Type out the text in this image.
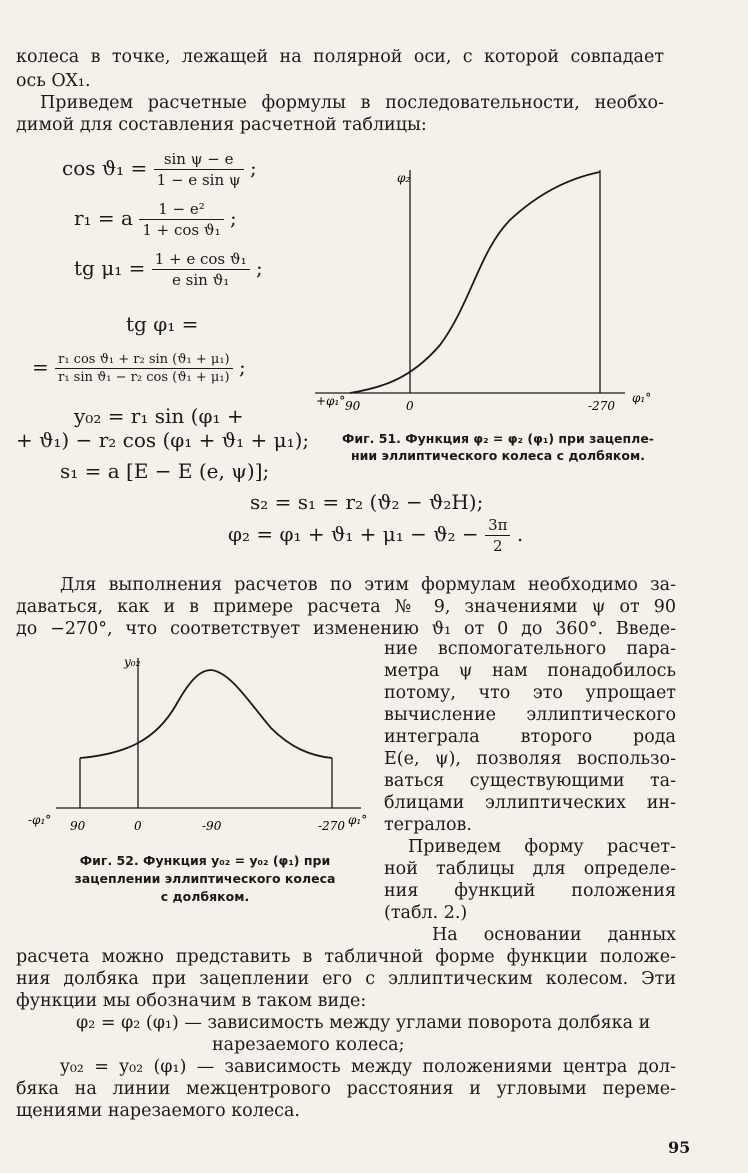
колеса в точке, лежащей на полярной оси, с которой совпадает
ось OX₁.
Приведем расчетные формулы в последовательности, необхо-
димой для составления расчетной таблицы:
$\cos ϑ_1 = \frac{\text{sin ψ − e}}{\text{1 − e sin ψ}}$ ;
r₁ = a $\frac{\text{1 − e²}}{\text{1 + cos ϑ₁}}$ ;
tg $\mu_1 = \frac{\text{1 + e cos ϑ₁}}{\text{e sin ϑ₁}}$ ;
tg φ₁ =
= $\frac{\text{r₁ cos ϑ₁ + r₂ sin (ϑ₁ + μ₁)}}{\text{r₁ sin ϑ₁ − r₂ cos (ϑ₁ + μ₁)}}$ ;
y₀₂ = r₁ sin (φ₁ +
+ ϑ₁) − r₂ cos (φ₁ + ϑ₁ + μ₁);
s₁ = a [E − E (e, ψ)];
s₂ = s₁ = r₂ (ϑ₂ − ϑ₂H);
$\varphi_2 = \varphi_1 + ϑ_1 + \mu_1 - ϑ_2 - \frac{3\pi}{2}$ .
φ₂
+φ₁° 90	0	-270
φ₁°
Фиг. 51. Функция φ₂ = φ₂ (φ₁) при зацепле-
нии эллиптического колеса с долбяком.
Для выполнения расчетов по этим формулам необходимо за-
даваться, как и в примере расчета № 9, значениями ψ от 90
до −270°, что соответствует изменению ϑ₁ от 0 до 360°. Введе-
y₀₂
-φ₁° 90	0	-90	-270 φ₁°
Фиг. 52. Функция y₀₂ = y₀₂ (φ₁) при
зацеплении эллиптического колеса
с долбяком.
ние вспомогательного пара-
метра ψ нам понадобилось
потому, что это упрощает
вычисление эллиптического
интеграла второго рода
E(e, ψ), позволяя воспользо-
ваться существующими та-
блицами эллиптических ин-
тегралов.
Приведем форму расчет-
ной таблицы для определе-
ния функций положения
(табл. 2.)
На основании данных
расчета можно представить в табличной форме функции положе-
ния долбяка при зацеплении его с эллиптическим колесом. Эти
функции мы обозначим в таком виде:
φ₂ = φ₂ (φ₁) — зависимость между углами поворота долбяка и
нарезаемого колеса;
y₀₂ = y₀₂ (φ₁) — зависимость между положениями центра дол-
бяка на линии межцентрового расстояния и угловыми переме-
щениями нарезаемого колеса.
95
